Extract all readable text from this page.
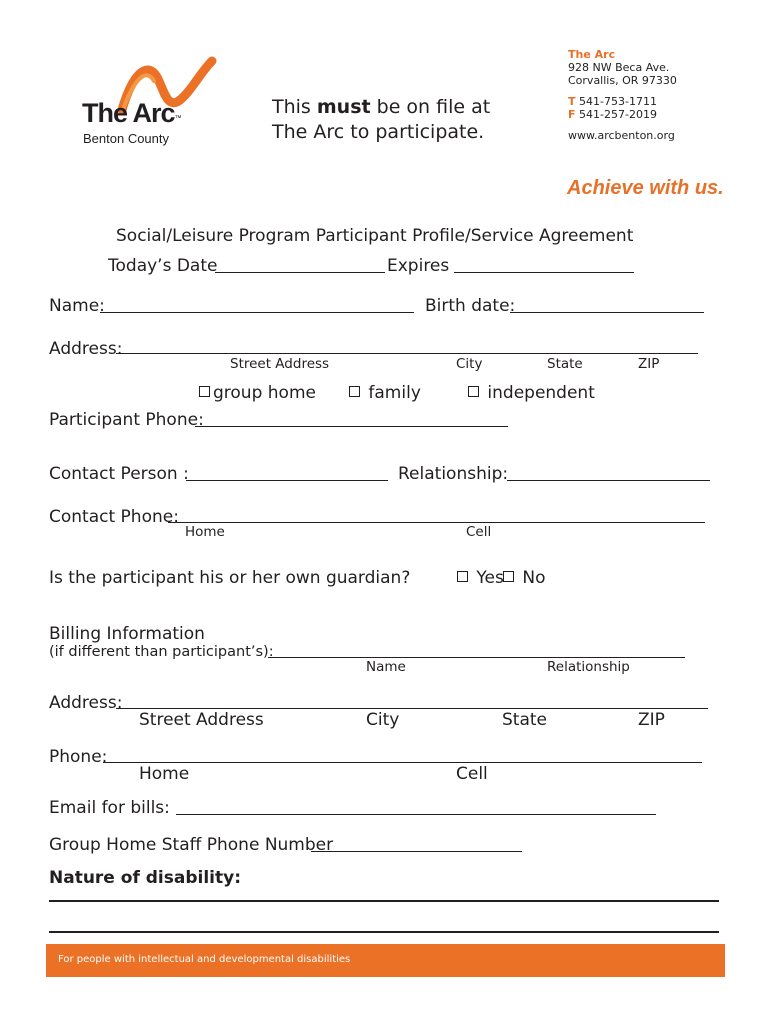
The Arc™
Benton County
This must be on file at
The Arc to participate.
The Arc
928 NW Beca Ave.
Corvallis, OR 97330
T 541-753-1711
F 541-257-2019
www.arcbenton.org
Achieve with us.
Social/Leisure Program Participant Profile/Service Agreement
Today’s Date	Expires
Name:	Birth date:
Address:
Street Address	City	State	ZIP
group home	family	independent
Participant Phone:
Contact Person :	Relationship:
Contact Phone:
Home	Cell
Is the participant his or her own guardian?	Yes	No
Billing Information
(if different than participant’s):
Name	Relationship
Address:
Street Address	City	State	ZIP
Phone:
Home	Cell
Email for bills:
Group Home Staff Phone Number
Nature of disability:
For people with intellectual and developmental disabilities
